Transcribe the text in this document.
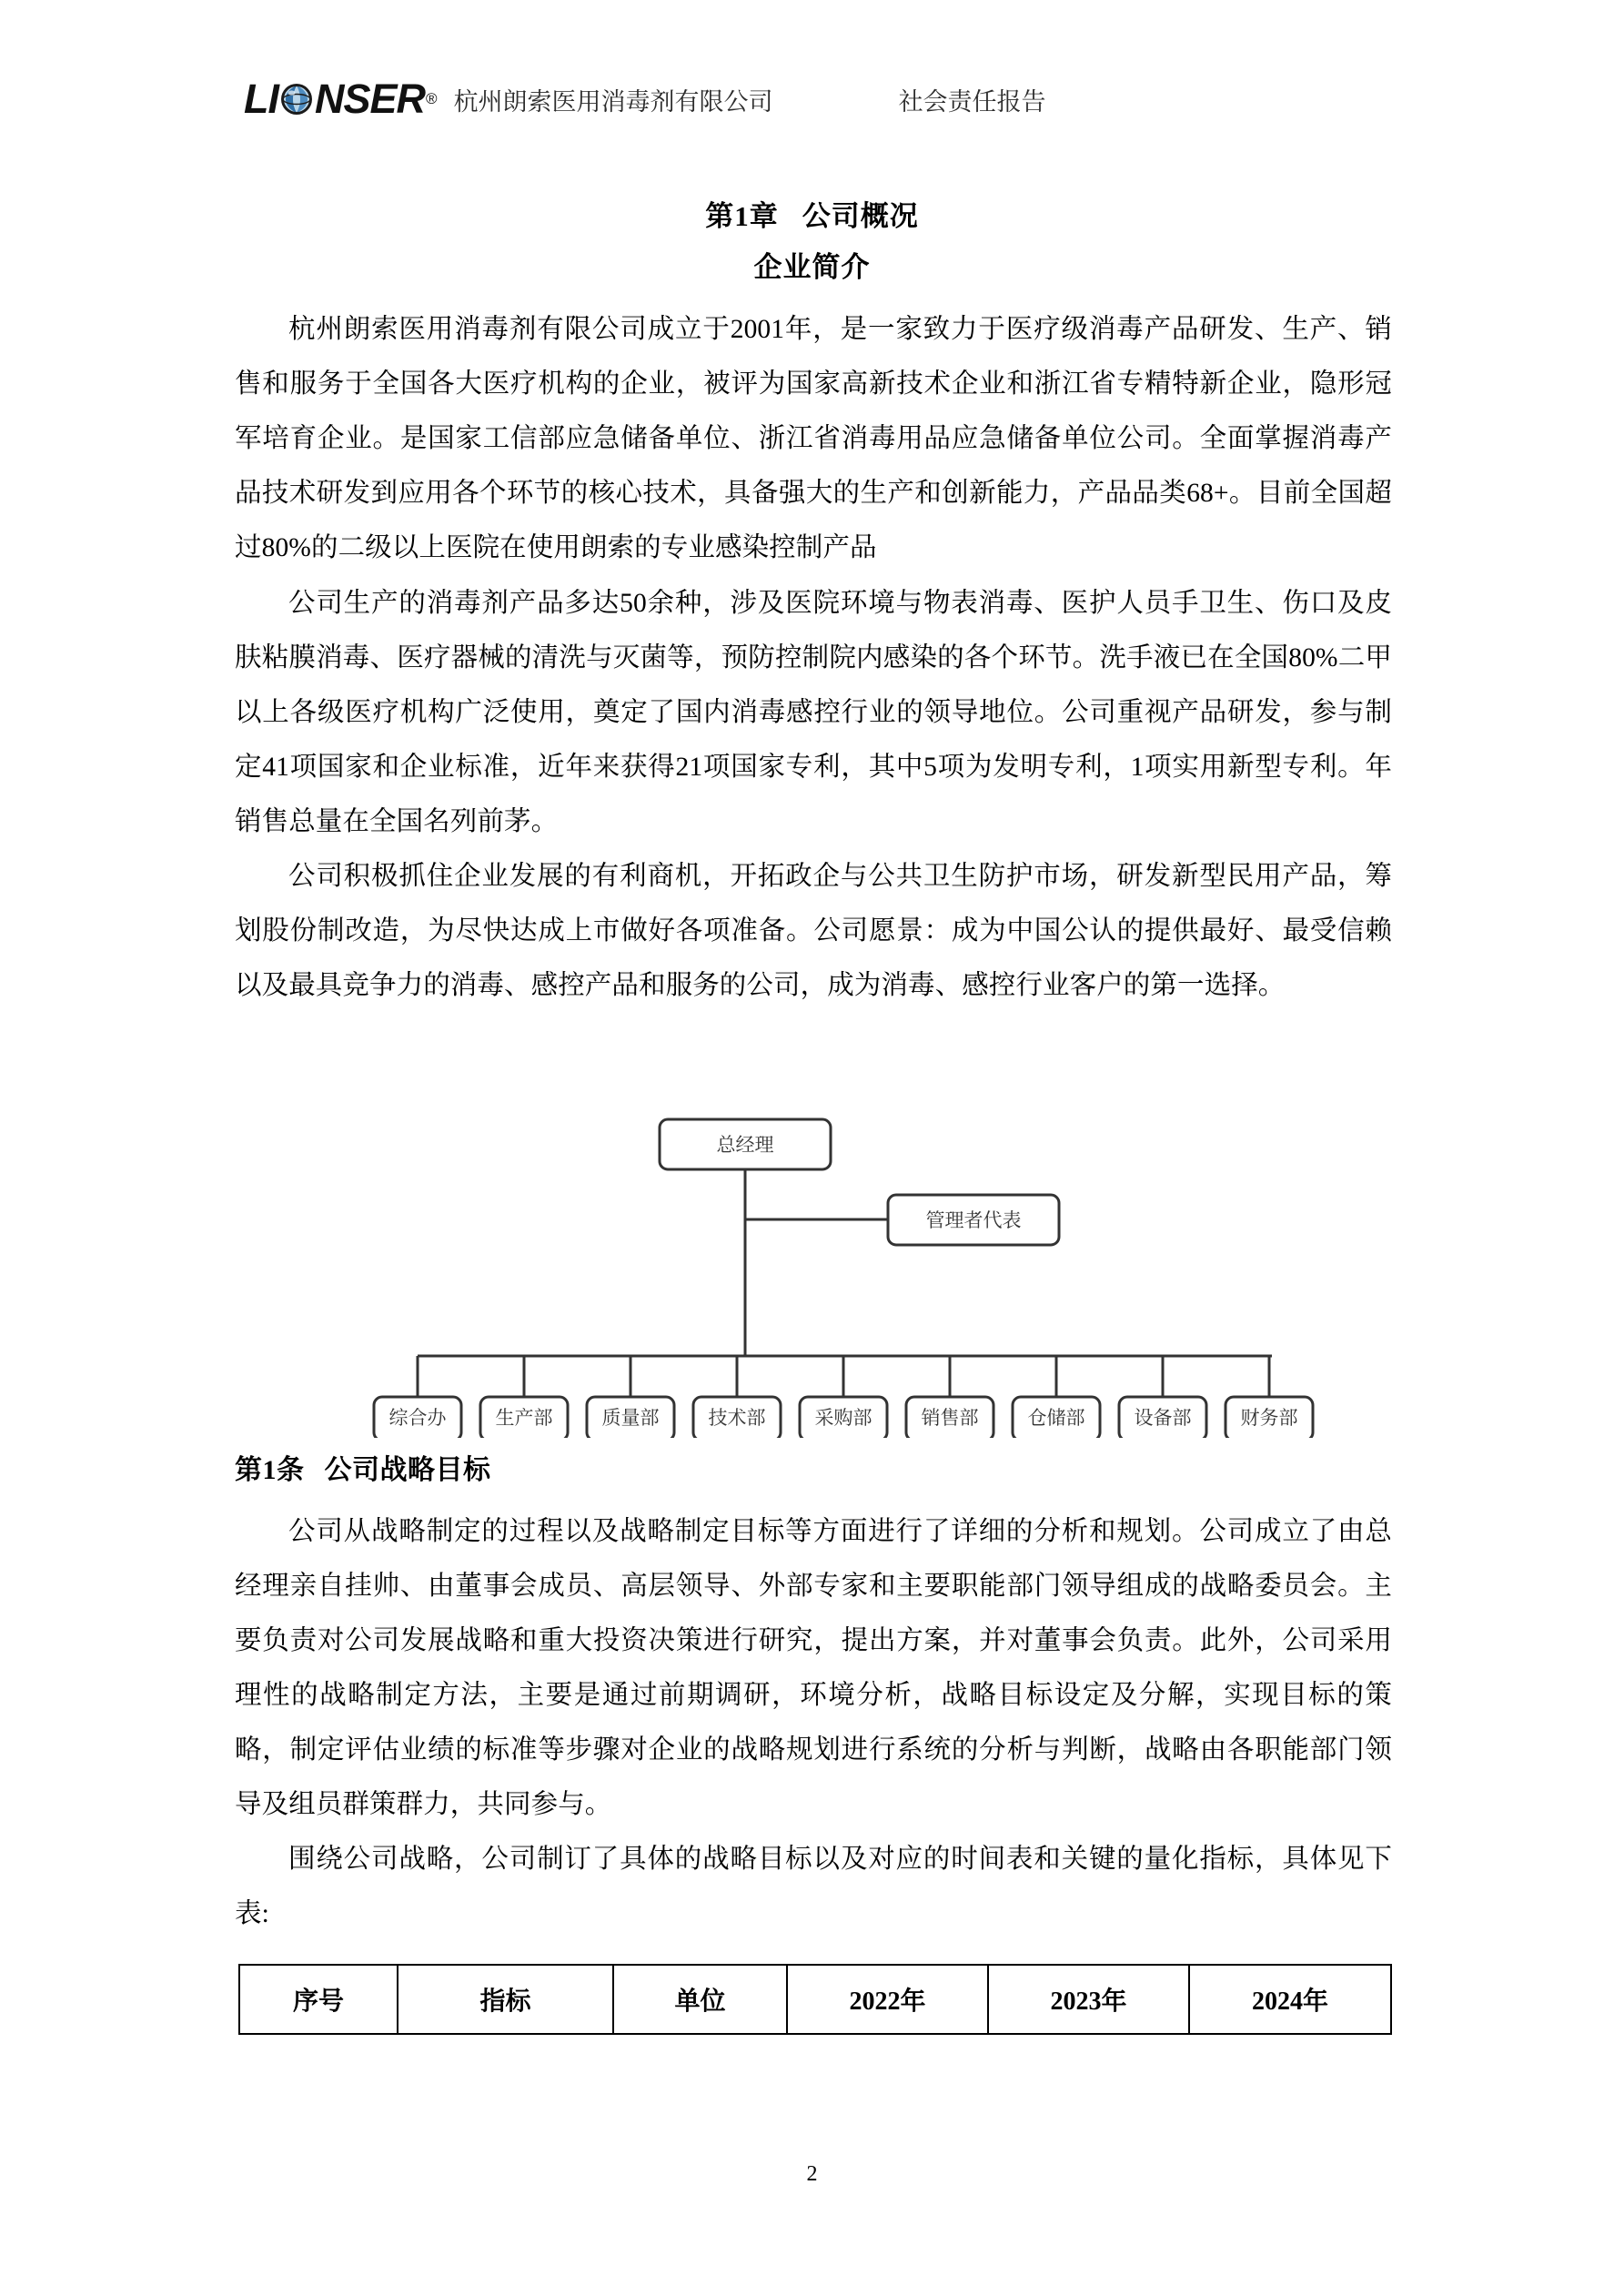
LI NSER ® 杭州朗索医用消毒剂有限公司	社会责任报告
第1章 公司概况
企业简介

杭州朗索医用消毒剂有限公司成立于2001年，是一家致力于医疗级消毒产品研发、生产、销售和服务于全国各大医疗机构的企业，被评为国家高新技术企业和浙江省专精特新企业，隐形冠军培育企业。是国家工信部应急储备单位、浙江省消毒用品应急储备单位公司。全面掌握消毒产品技术研发到应用各个环节的核心技术，具备强大的生产和创新能力，产品品类68+。目前全国超过80%的二级以上医院在使用朗索的专业感染控制产品

公司生产的消毒剂产品多达50余种，涉及医院环境与物表消毒、医护人员手卫生、伤口及皮肤粘膜消毒、医疗器械的清洗与灭菌等，预防控制院内感染的各个环节。洗手液已在全国80%二甲以上各级医疗机构广泛使用，奠定了国内消毒感控行业的领导地位。公司重视产品研发，参与制定41项国家和企业标准，近年来获得21项国家专利，其中5项为发明专利，1项实用新型专利。年销售总量在全国名列前茅。

公司积极抓住企业发展的有利商机，开拓政企与公共卫生防护市场，研发新型民用产品，筹划股份制改造，为尽快达成上市做好各项准备。公司愿景：成为中国公认的提供最好、最受信赖以及最具竞争力的消毒、感控产品和服务的公司，成为消毒、感控行业客户的第一选择。

总经理
管理者代表
综合办	生产部	质量部	技术部	采购部	销售部	仓储部	设备部	财务部
第1条 公司战略目标

公司从战略制定的过程以及战略制定目标等方面进行了详细的分析和规划。公司成立了由总经理亲自挂帅、由董事会成员、高层领导、外部专家和主要职能部门领导组成的战略委员会。主要负责对公司发展战略和重大投资决策进行研究，提出方案，并对董事会负责。此外，公司采用理性的战略制定方法，主要是通过前期调研，环境分析，战略目标设定及分解，实现目标的策略，制定评估业绩的标准等步骤对企业的战略规划进行系统的分析与判断，战略由各职能部门领导及组员群策群力，共同参与。

围绕公司战略，公司制订了具体的战略目标以及对应的时间表和关键的量化指标，具体见下表:

序号	指标	单位	2022年	2023年	2024年
2
